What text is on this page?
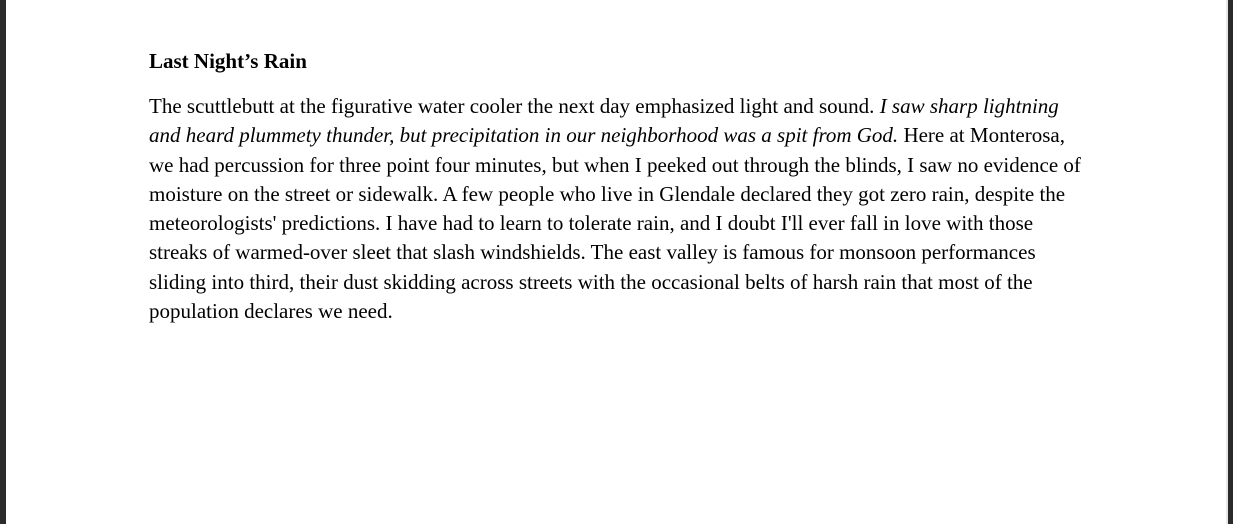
Last Night’s Rain

The scuttlebutt at the figurative water cooler the next day emphasized light and sound. I saw sharp lightning and heard plummety thunder, but precipitation in our neighborhood was a spit from God. Here at Monterosa, we had percussion for three point four minutes, but when I peeked out through the blinds, I saw no evidence of moisture on the street or sidewalk. A few people who live in Glendale declared they got zero rain, despite the meteorologists' predictions. I have had to learn to tolerate rain, and I doubt I'll ever fall in love with those streaks of warmed-over sleet that slash windshields. The east valley is famous for monsoon performances sliding into third, their dust skidding across streets with the occasional belts of harsh rain that most of the population declares we need.
